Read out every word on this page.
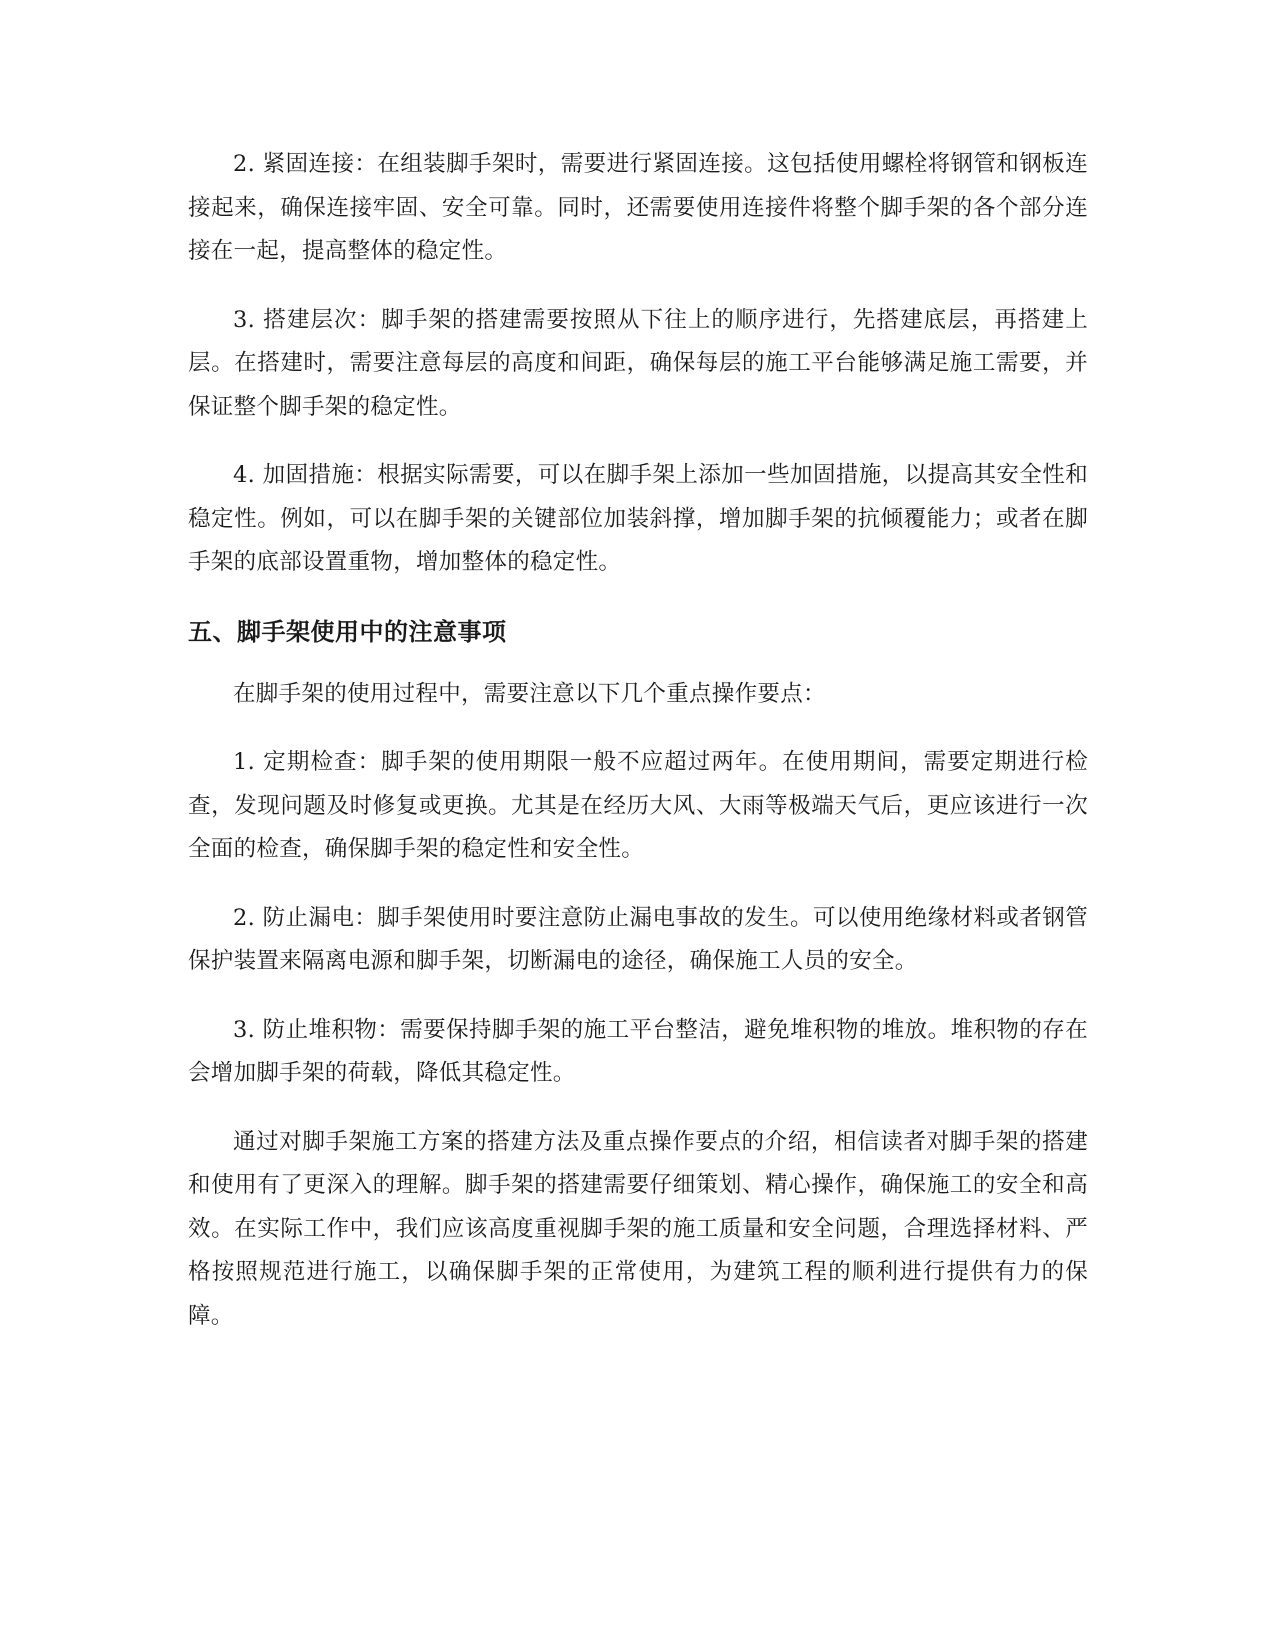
2. 紧固连接：在组装脚手架时，需要进行紧固连接。这包括使用螺栓将钢管和钢板连接起来，确保连接牢固、安全可靠。同时，还需要使用连接件将整个脚手架的各个部分连接在一起，提高整体的稳定性。

3. 搭建层次：脚手架的搭建需要按照从下往上的顺序进行，先搭建底层，再搭建上层。在搭建时，需要注意每层的高度和间距，确保每层的施工平台能够满足施工需要，并保证整个脚手架的稳定性。

4. 加固措施：根据实际需要，可以在脚手架上添加一些加固措施，以提高其安全性和稳定性。例如，可以在脚手架的关键部位加装斜撑，增加脚手架的抗倾覆能力；或者在脚手架的底部设置重物，增加整体的稳定性。

五、脚手架使用中的注意事项

在脚手架的使用过程中，需要注意以下几个重点操作要点：

1. 定期检查：脚手架的使用期限一般不应超过两年。在使用期间，需要定期进行检查，发现问题及时修复或更换。尤其是在经历大风、大雨等极端天气后，更应该进行一次全面的检查，确保脚手架的稳定性和安全性。

2. 防止漏电：脚手架使用时要注意防止漏电事故的发生。可以使用绝缘材料或者钢管保护装置来隔离电源和脚手架，切断漏电的途径，确保施工人员的安全。

3. 防止堆积物：需要保持脚手架的施工平台整洁，避免堆积物的堆放。堆积物的存在会增加脚手架的荷载，降低其稳定性。

通过对脚手架施工方案的搭建方法及重点操作要点的介绍，相信读者对脚手架的搭建和使用有了更深入的理解。脚手架的搭建需要仔细策划、精心操作，确保施工的安全和高效。在实际工作中，我们应该高度重视脚手架的施工质量和安全问题，合理选择材料、严格按照规范进行施工，以确保脚手架的正常使用，为建筑工程的顺利进行提供有力的保障。
